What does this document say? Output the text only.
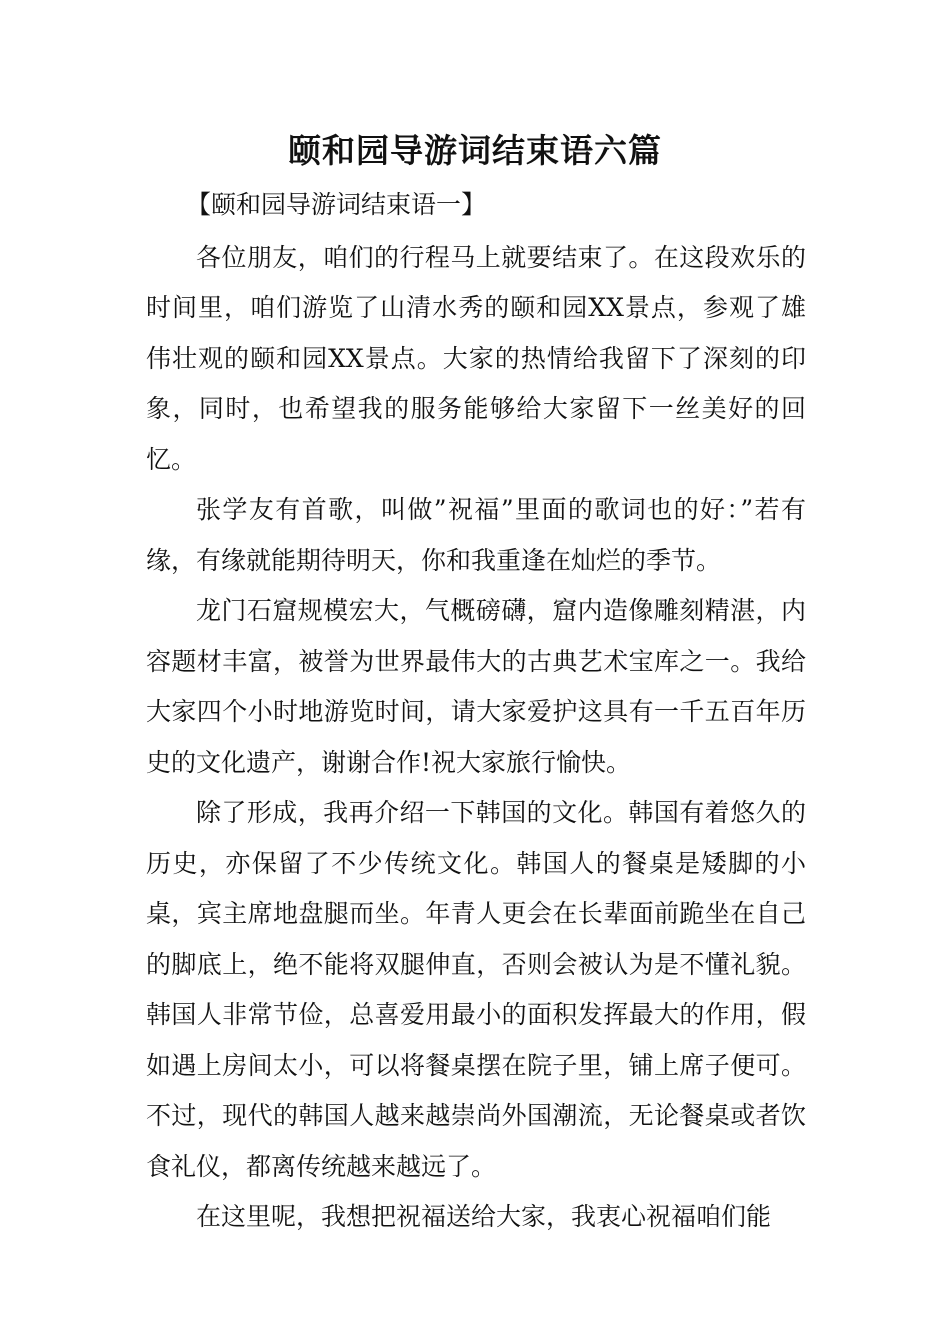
颐和园导游词结束语六篇

【颐和园导游词结束语一】

各位朋友，咱们的行程马上就要结束了。在这段欢乐的时间里，咱们游览了山清水秀的颐和园XX景点，参观了雄伟壮观的颐和园XX景点。大家的热情给我留下了深刻的印象，同时，也希望我的服务能够给大家留下一丝美好的回忆。

张学友有首歌，叫做”祝福”里面的歌词也的好：”若有缘，有缘就能期待明天，你和我重逢在灿烂的季节。

龙门石窟规模宏大，气概磅礴，窟内造像雕刻精湛，内容题材丰富，被誉为世界最伟大的古典艺术宝库之一。我给大家四个小时地游览时间，请大家爱护这具有一千五百年历史的文化遗产，谢谢合作!祝大家旅行愉快。

除了形成，我再介绍一下韩国的文化。韩国有着悠久的历史，亦保留了不少传统文化。韩国人的餐桌是矮脚的小桌，宾主席地盘腿而坐。年青人更会在长辈面前跪坐在自己的脚底上，绝不能将双腿伸直，否则会被认为是不懂礼貌。韩国人非常节俭，总喜爱用最小的面积发挥最大的作用，假如遇上房间太小，可以将餐桌摆在院子里，铺上席子便可。不过，现代的韩国人越来越崇尚外国潮流，无论餐桌或者饮食礼仪，都离传统越来越远了。

在这里呢，我想把祝福送给大家，我衷心祝福咱们能
